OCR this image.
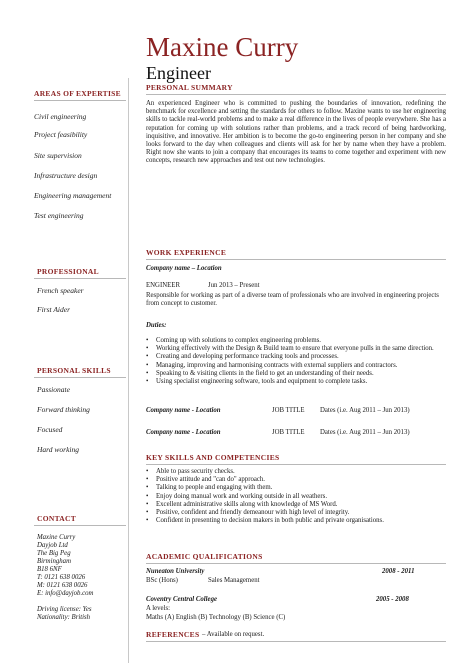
Maxine Curry
Engineer
AREAS OF EXPERTISE
Civil engineering
Project feasibility
Site supervision
Infrastructure design
Engineering management
Test engineering
PROFESSIONAL
French speaker
First Aider
PERSONAL SKILLS
Passionate
Forward thinking
Focused
Hard working
CONTACT
Maxine Curry
Dayjob Ltd
The Big Peg
Birmingham
B18 6NF
T: 0121 638 0026
M: 0121 638 0026
E: info@dayjob.com
Driving license: Yes
Nationality: British
PERSONAL SUMMARY
An experienced Engineer who is committed to pushing the boundaries of innovation, redefining the benchmark for excellence and setting the standards for others to follow. Maxine wants to use her engineering skills to tackle real-world problems and to make a real difference in the lives of people everywhere. She has a reputation for coming up with solutions rather than problems, and a track record of being hardworking, inquisitive, and innovative. Her ambition is to become the go-to engineering person in her company and she looks forward to the day when colleagues and clients will ask for her by name when they have a problem. Right now she wants to join a company that encourages its teams to come together and experiment with new concepts, research new approaches and test out new technologies.
WORK EXPERIENCE
Company name – Location
ENGINEER	Jun 2013 – Present
Responsible for working as part of a diverse team of professionals who are involved in engineering projects from concept to customer.
Duties:
• Coming up with solutions to complex engineering problems.
• Working effectively with the Design & Build team to ensure that everyone pulls in the same direction.
• Creating and developing performance tracking tools and processes.
• Managing, improving and harmonising contracts with external suppliers and contractors.
• Speaking to & visiting clients in the field to get an understanding of their needs.
• Using specialist engineering software, tools and equipment to complete tasks.
Company name - Location	JOB TITLE Dates (i.e. Aug 2011 – Jun 2013)
Company name - Location	JOB TITLE Dates (i.e. Aug 2011 – Jun 2013)
KEY SKILLS AND COMPETENCIES
• Able to pass security checks.
• Positive attitude and "can do" approach.
• Talking to people and engaging with them.
• Enjoy doing manual work and working outside in all weathers.
• Excellent administrative skills along with knowledge of MS Word.
• Positive, confident and friendly demeanour with high level of integrity.
• Confident in presenting to decision makers in both public and private organisations.
ACADEMIC QUALIFICATIONS
Nuneaton University	2008 - 2011
BSc (Hons)	Sales Management
Coventry Central College	2005 - 2008
A levels:
Maths (A) English (B) Technology (B) Science (C)
REFERENCES – Available on request.
